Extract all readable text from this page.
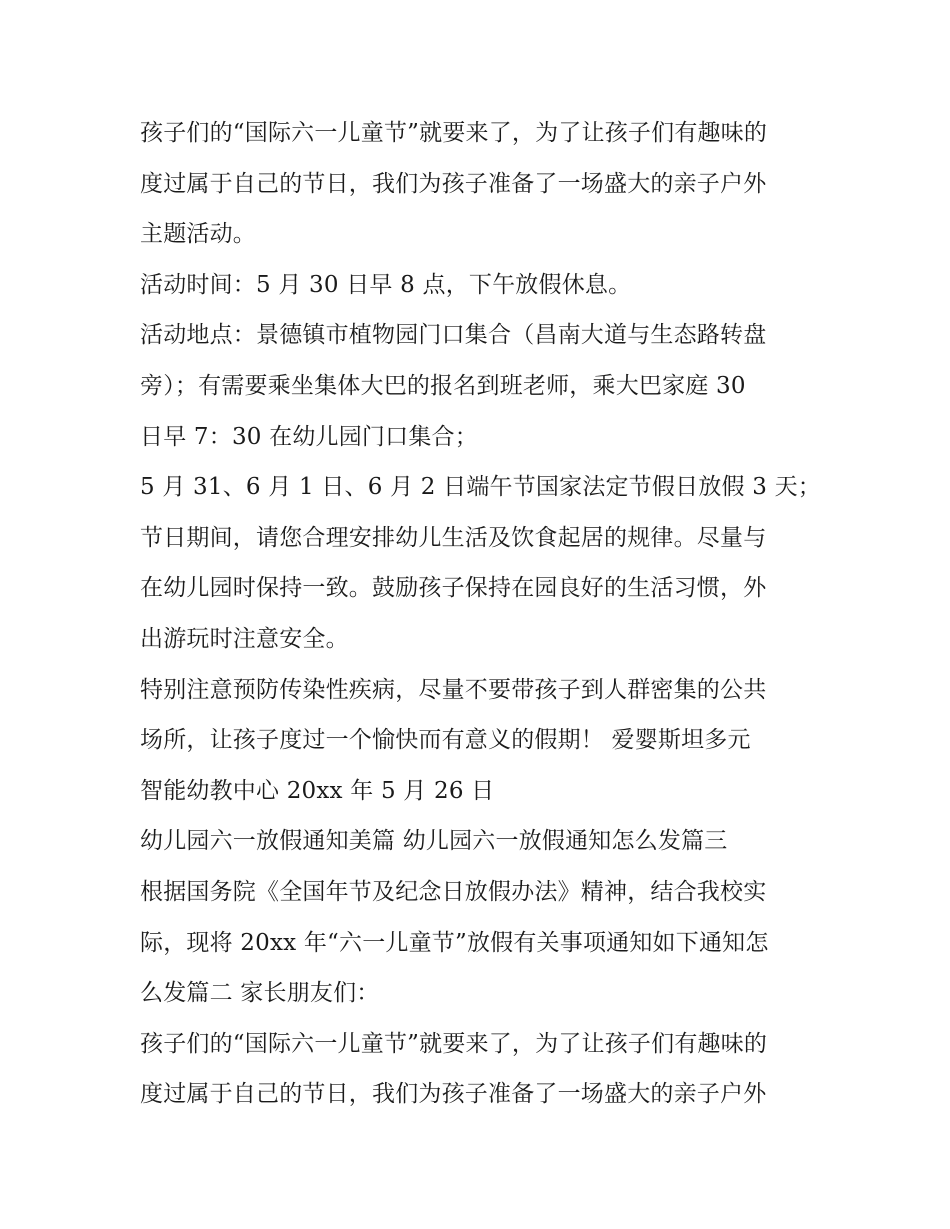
孩子们的“国际六一儿童节”就要来了，为了让孩子们有趣味的
度过属于自己的节日，我们为孩子准备了一场盛大的亲子户外
主题活动。
活动时间：5 月 30 日早 8 点，下午放假休息。
活动地点：景德镇市植物园门口集合（昌南大道与生态路转盘
旁）；有需要乘坐集体大巴的报名到班老师，乘大巴家庭 30
日早 7：30 在幼儿园门口集合；
5 月 31、6 月 1 日、6 月 2 日端午节国家法定节假日放假 3 天；
节日期间，请您合理安排幼儿生活及饮食起居的规律。尽量与
在幼儿园时保持一致。鼓励孩子保持在园良好的生活习惯，外
出游玩时注意安全。
特别注意预防传染性疾病，尽量不要带孩子到人群密集的公共
场所，让孩子度过一个愉快而有意义的假期！ 爱婴斯坦多元
智能幼教中心 20xx 年 5 月 26 日
幼儿园六一放假通知美篇 幼儿园六一放假通知怎么发篇三
根据国务院《全国年节及纪念日放假办法》精神，结合我校实
际，现将 20xx 年“六一儿童节”放假有关事项通知如下通知怎
么发篇二 家长朋友们：
孩子们的“国际六一儿童节”就要来了，为了让孩子们有趣味的
度过属于自己的节日，我们为孩子准备了一场盛大的亲子户外
